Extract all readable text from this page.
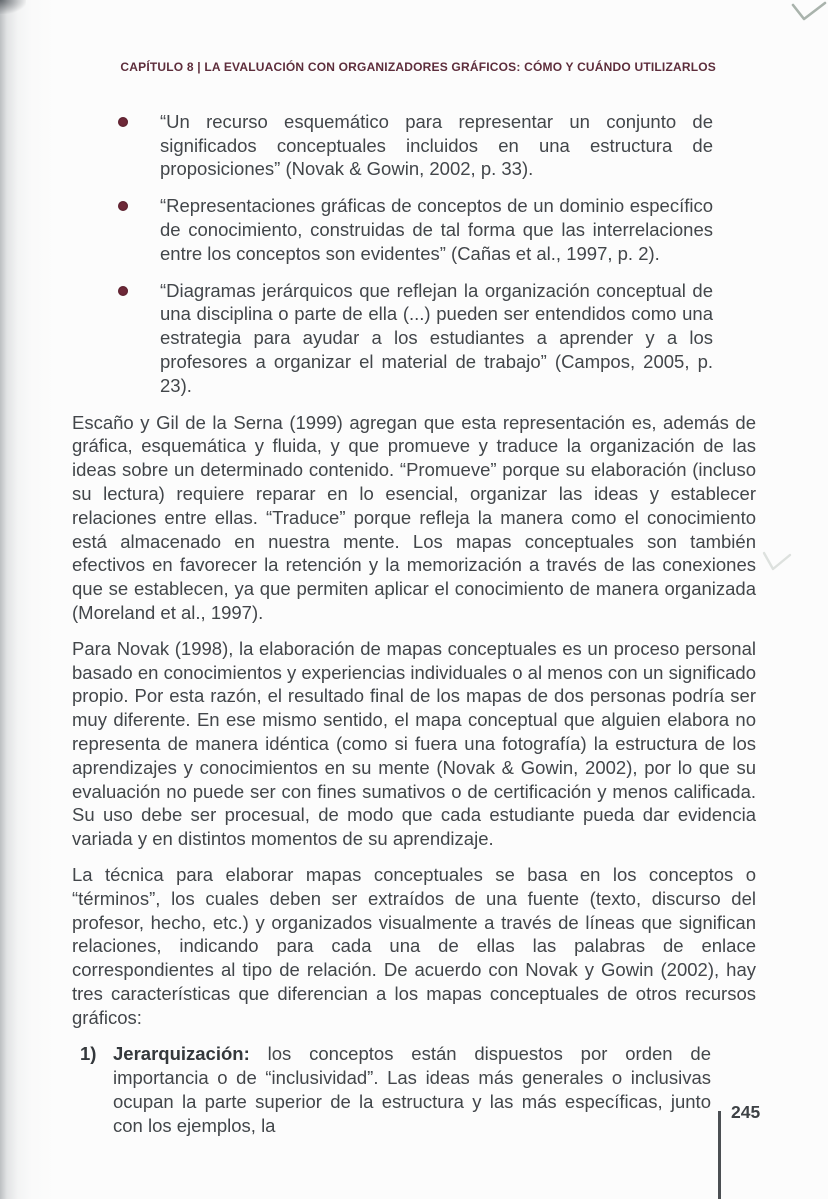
CAPÍTULO 8 | LA EVALUACIÓN CON ORGANIZADORES GRÁFICOS: CÓMO Y CUÁNDO UTILIZARLOS
“Un recurso esquemático para representar un conjunto de significados conceptuales incluidos en una estructura de proposiciones” (Novak & Gowin, 2002, p. 33).
“Representaciones gráficas de conceptos de un dominio específico de conocimiento, construidas de tal forma que las interrelaciones entre los conceptos son evidentes” (Cañas et al., 1997, p. 2).
“Diagramas jerárquicos que reflejan la organización conceptual de una disciplina o parte de ella (...) pueden ser entendidos como una estrategia para ayudar a los estudiantes a aprender y a los profesores a organizar el material de trabajo” (Campos, 2005, p. 23).

Escaño y Gil de la Serna (1999) agregan que esta representación es, además de gráfica, esquemática y fluida, y que promueve y traduce la organización de las ideas sobre un determinado contenido. “Promueve” porque su elaboración (incluso su lectura) requiere reparar en lo esencial, organizar las ideas y establecer relaciones entre ellas. “Traduce” porque refleja la manera como el conocimiento está almacenado en nuestra mente. Los mapas conceptuales son también efectivos en favorecer la retención y la memorización a través de las conexiones que se establecen, ya que permiten aplicar el conocimiento de manera organizada (Moreland et al., 1997).

Para Novak (1998), la elaboración de mapas conceptuales es un proceso personal basado en conocimientos y experiencias individuales o al menos con un significado propio. Por esta razón, el resultado final de los mapas de dos personas podría ser muy diferente. En ese mismo sentido, el mapa conceptual que alguien elabora no representa de manera idéntica (como si fuera una fotografía) la estructura de los aprendizajes y conocimientos en su mente (Novak & Gowin, 2002), por lo que su evaluación no puede ser con fines sumativos o de certificación y menos calificada. Su uso debe ser procesual, de modo que cada estudiante pueda dar evidencia variada y en distintos momentos de su aprendizaje.

La técnica para elaborar mapas conceptuales se basa en los conceptos o “términos”, los cuales deben ser extraídos de una fuente (texto, discurso del profesor, hecho, etc.) y organizados visualmente a través de líneas que significan relaciones, indicando para cada una de ellas las palabras de enlace correspondientes al tipo de relación. De acuerdo con Novak y Gowin (2002), hay tres características que diferencian a los mapas conceptuales de otros recursos gráficos:

1) Jerarquización: los conceptos están dispuestos por orden de importancia o de “inclusividad”. Las ideas más generales o inclusivas ocupan la parte superior de la estructura y las más específicas, junto con los ejemplos, la
245
